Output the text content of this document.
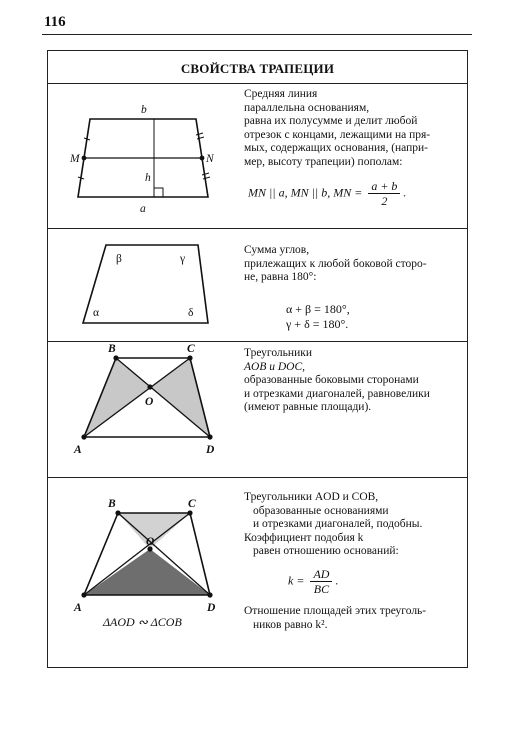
116
СВОЙСТВА ТРАПЕЦИИ
b
a
h
M	N

Средняя линия

параллельна основаниям,

равна их полусумме и делит любой

отрезок с концами, лежащими на пря-

мых, содержащих основания, (напри-

мер, высоту трапеции) пополам:

MN || a, MN || b, MN = $\frac{a + b}{2}$ .
β	γ
α	δ

Сумма углов,

прилежащих к любой боковой сторо-

не, равна 180°:

α + β = 180°,
γ + δ = 180°.
A
B	C
D
O

Треугольники

AOB и DOC,

образованные боковыми сторонами

и отрезками диагоналей, равновелики

(имеют равные площади).

A
B	C
D
O
ΔAOD ∾ ΔCOB

Треугольники AOD и COB,

образованные основаниями

и отрезками диагоналей, подобны.

Коэффициент подобия k

равен отношению оснований:

$k = \frac{AD}{BC}$ .

Отношение площадей этих треуголь-

ников равно k².
